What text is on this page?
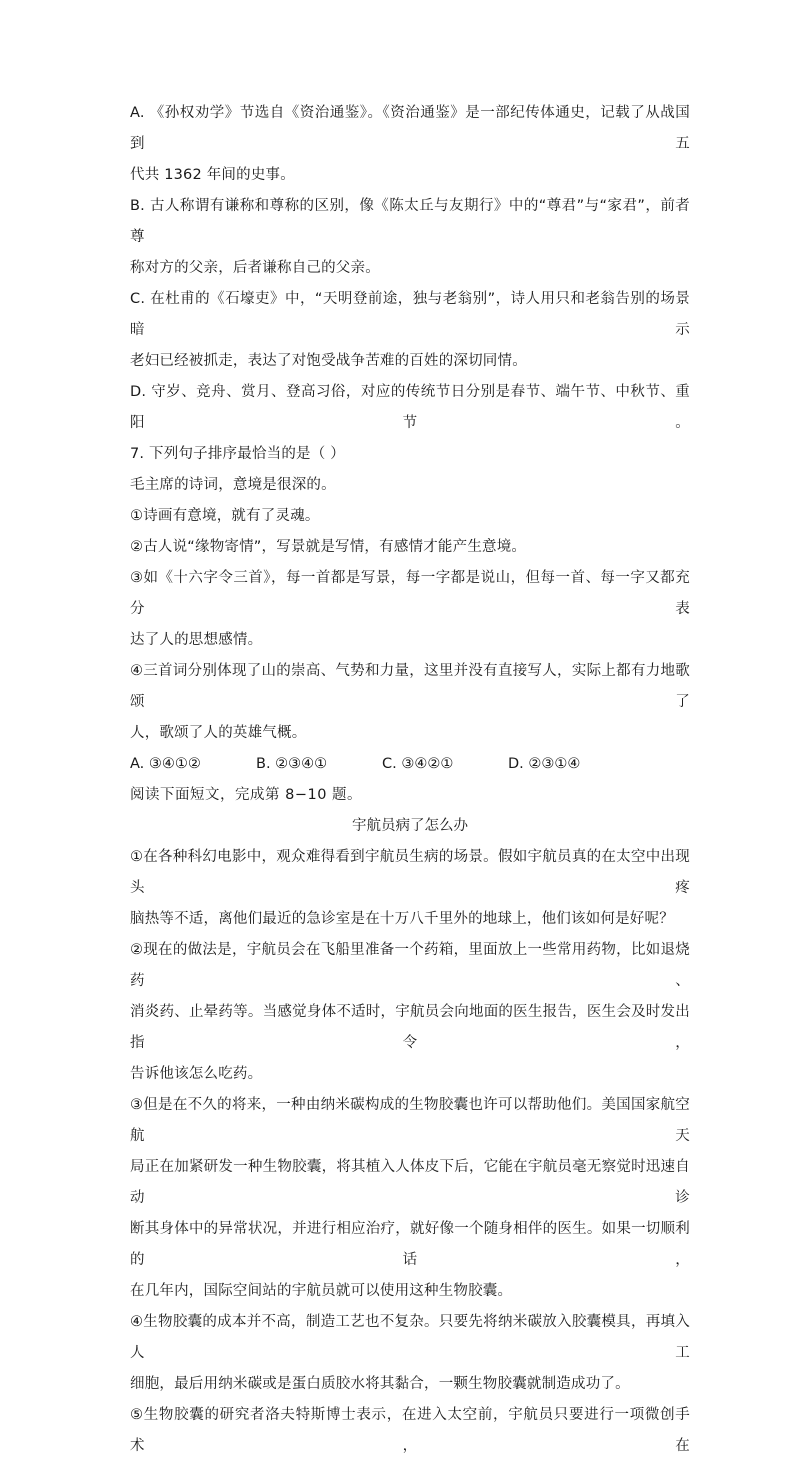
A. 《孙权劝学》节选自《资治通鉴》。《资治通鉴》是一部纪传体通史，记载了从战国到五
代共 1362 年间的史事。
B. 古人称谓有谦称和尊称的区别，像《陈太丘与友期行》中的“尊君”与“家君”，前者尊
称对方的父亲，后者谦称自己的父亲。
C. 在杜甫的《石壕吏》中，“天明登前途，独与老翁别”，诗人用只和老翁告别的场景暗示
老妇已经被抓走，表达了对饱受战争苦难的百姓的深切同情。
D. 守岁、竞舟、赏月、登高习俗，对应的传统节日分别是春节、端午节、中秋节、重阳节。
7. 下列句子排序最恰当的是（ ）
毛主席的诗词，意境是很深的。
①诗画有意境，就有了灵魂。
②古人说“缘物寄情”，写景就是写情，有感情才能产生意境。
③如《十六字令三首》，每一首都是写景，每一字都是说山，但每一首、每一字又都充分表
达了人的思想感情。
④三首词分别体现了山的崇高、气势和力量，这里并没有直接写人，实际上都有力地歌颂了
人，歌颂了人的英雄气概。
A. ③④①②	B. ②③④①	C. ③④②①	D. ②③①④
阅读下面短文，完成第 8−10 题。
宇航员病了怎么办
①在各种科幻电影中，观众难得看到宇航员生病的场景。假如宇航员真的在太空中出现头疼
脑热等不适，离他们最近的急诊室是在十万八千里外的地球上，他们该如何是好呢？
②现在的做法是，宇航员会在飞船里准备一个药箱，里面放上一些常用药物，比如退烧药、
消炎药、止晕药等。当感觉身体不适时，宇航员会向地面的医生报告，医生会及时发出指令，
告诉他该怎么吃药。
③但是在不久的将来，一种由纳米碳构成的生物胶囊也许可以帮助他们。美国国家航空航天
局正在加紧研发一种生物胶囊，将其植入人体皮下后，它能在宇航员毫无察觉时迅速自动诊
断其身体中的异常状况，并进行相应治疗，就好像一个随身相伴的医生。如果一切顺利的话，
在几年内，国际空间站的宇航员就可以使用这种生物胶囊。
④生物胶囊的成本并不高，制造工艺也不复杂。只要先将纳米碳放入胶囊模具，再填入人工
细胞，最后用纳米碳或是蛋白质胶水将其黏合，一颗生物胶囊就制造成功了。
⑤生物胶囊的研究者洛夫特斯博士表示，在进入太空前，宇航员只要进行一项微创手术，在
